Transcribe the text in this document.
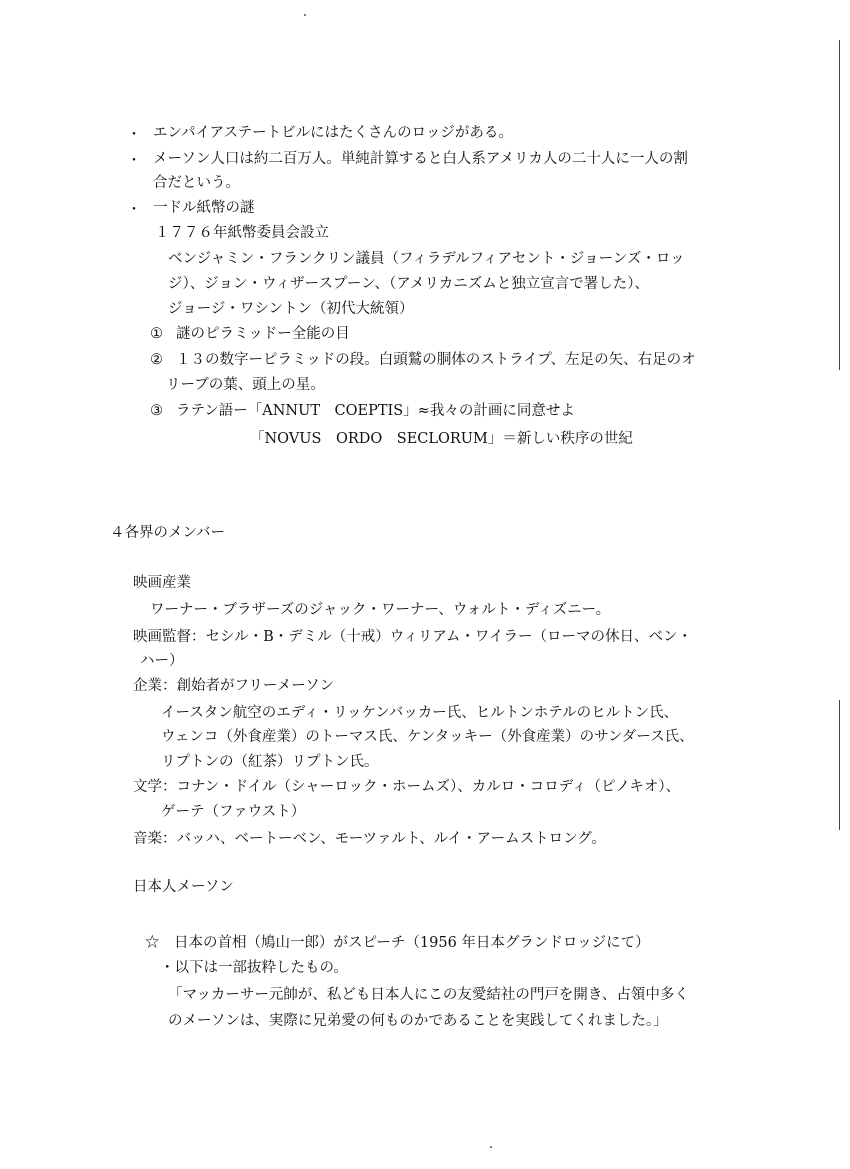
・ エンパイアステートビルにはたくさんのロッジがある。
・ メーソン人口は約二百万人。単純計算すると白人系アメリカ人の二十人に一人の割
合だという。
・ 一ドル紙幣の謎
１７７６年紙幣委員会設立
ベンジャミン・フランクリン議員（フィラデルフィアセント・ジョーンズ・ロッ
ジ）、ジョン・ウィザースプーン、（アメリカニズムと独立宣言で署した）、
ジョージ・ワシントン（初代大統領）
① 謎のピラミッドー全能の目
② １３の数字ーピラミッドの段。白頭鷲の胴体のストライプ、左足の矢、右足のオ
リーブの葉、頭上の星。
③ ラテン語ー「ANNUT　COEPTIS」≈我々の計画に同意せよ
「NOVUS　ORDO　SECLORUM」＝新しい秩序の世紀
４各界のメンバー
映画産業
ワーナー・ブラザーズのジャック・ワーナー、ウォルト・ディズニー。
映画監督：セシル・B・デミル（十戒）ウィリアム・ワイラー（ローマの休日、ベン・
ハー）
企業：創始者がフリーメーソン
イースタン航空のエディ・リッケンバッカー氏、ヒルトンホテルのヒルトン氏、
ウェンコ（外食産業）のトーマス氏、ケンタッキー（外食産業）のサンダース氏、
リプトンの（紅茶）リプトン氏。
文学：コナン・ドイル（シャーロック・ホームズ）、カルロ・コロディ（ピノキオ）、
ゲーテ（ファウスト）
音楽：バッハ、ベートーベン、モーツァルト、ルイ・アームストロング。
日本人メーソン
☆　日本の首相（鳩山一郎）がスピーチ（1956 年日本グランドロッジにて）
・以下は一部抜粋したもの。
「マッカーサー元帥が、私ども日本人にこの友愛結社の門戸を開き、占領中多く
のメーソンは、実際に兄弟愛の何ものかであることを実践してくれました。」
